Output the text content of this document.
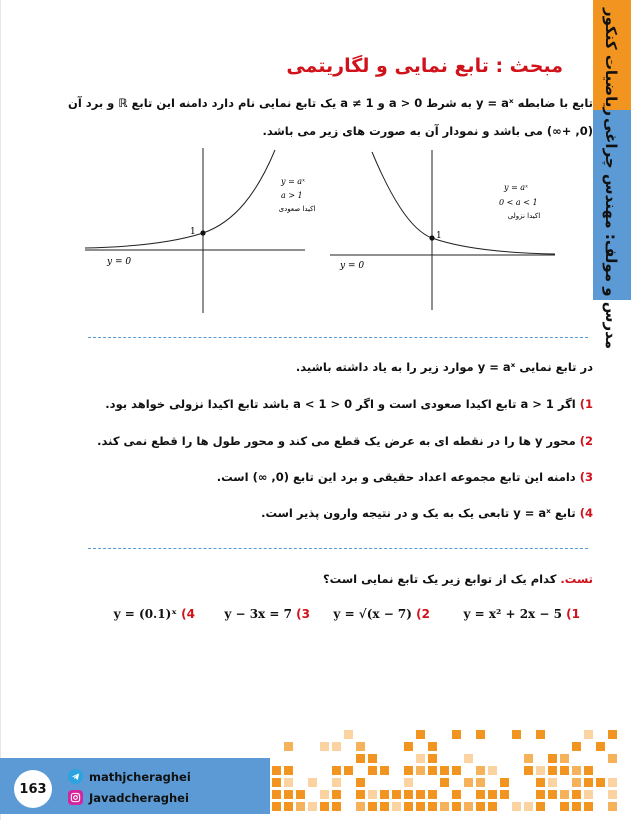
ریاضیات کنکور
مدرس و مولف: مهندس چراغی
مبحث : تابع نمایی و لگاریتمی
تابع با ضابطه y = aˣ به شرط a > 0 و a ≠ 1 یک تابع نمایی نام دارد دامنه این تابع ℝ و برد آن
(0, +∞) می باشد و نمودار آن به صورت های زیر می باشد.
1
y = 0
y = aˣ
0 < a < 1
اکیدا نزولی
1
y = 0
y = aˣ
a > 1
اکیدا صعودی
در تابع نمایی y = aˣ موارد زیر را به یاد داشته باشید.
1) اگر a > 1 تابع اکیدا صعودی است و اگر 0 < a < 1 باشد تابع اکیدا نزولی خواهد بود.
2) محور y ها را در نقطه ای به عرض یک قطع می کند و محور طول ها را قطع نمی کند.
3) دامنه این تابع مجموعه اعداد حقیقی و برد این تابع (0, ∞) است.
4) تابع y = aˣ تابعی یک به یک و در نتیجه وارون پذیر است.
تست. کدام یک از توابع زیر یک تابع نمایی است؟
1) y = x² + 2x − 5
2) y = √(x − 7)
3) y − 3x = 7
4) y = (0.1)ˣ
163
mathjcheraghei
Javadcheraghei
